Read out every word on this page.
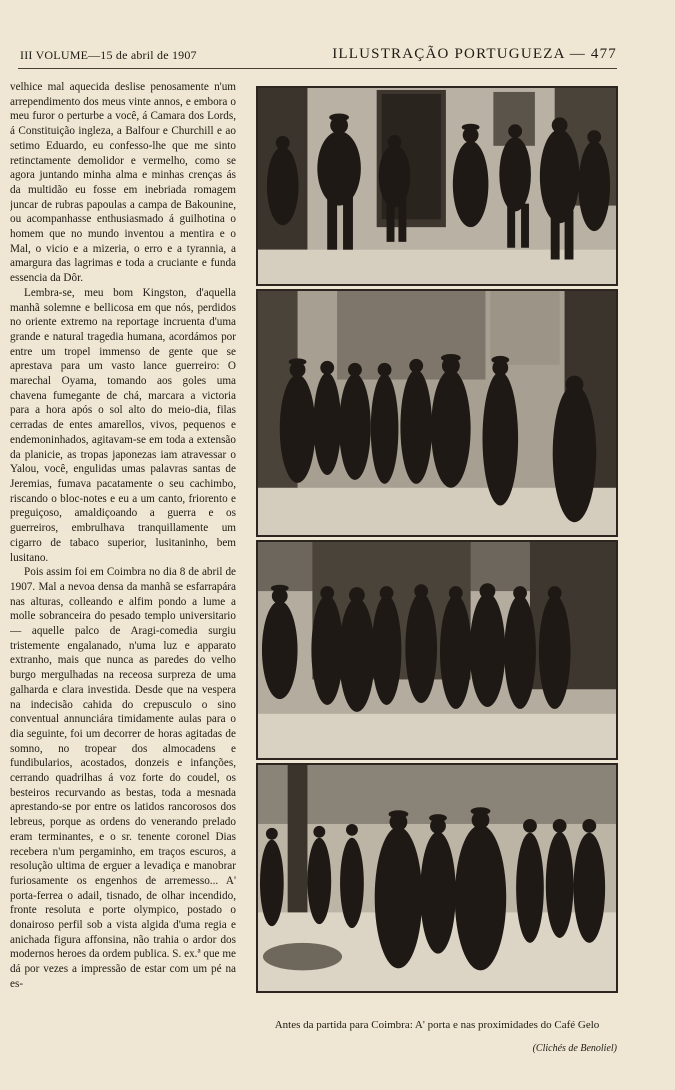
III VOLUME—15 de abril de 1907	ILLUSTRAÇÃO PORTUGUEZA — 477

velhice mal aquecida deslise penosamente n'um arrependimento dos meus vinte annos, e embora o meu furor o perturbe a você, á Camara dos Lords, á Constituição ingleza, a Balfour e Churchill e ao setimo Eduardo, eu confesso-lhe que me sinto retinctamente demolidor e vermelho, como se agora juntando minha alma e minhas crenças ás da multidão eu fosse em inebriada romagem juncar de rubras papoulas a campa de Bakounine, ou acompanhasse enthusiasmado á guilhotina o homem que no mundo inventou a mentira e o Mal, o vicio e a mizeria, o erro e a tyrannia, a amargura das lagrimas e toda a cruciante e funda essencia da Dôr.

Lembra-se, meu bom Kingston, d'aquella manhã solemne e bellicosa em que nós, perdidos no oriente extremo na reportage incruenta d'uma grande e natural tragedia humana, acordámos por entre um tropel immenso de gente que se aprestava para um vasto lance guerreiro: O marechal Oyama, tomando aos goles uma chavena fumegante de chá, marcara a victoria para a hora após o sol alto do meio-dia, filas cerradas de entes amarellos, vivos, pequenos e endemoninhados, agitavam-se em toda a extensão da planicie, as tropas japonezas iam atravessar o Yalou, você, engulidas umas palavras santas de Jeremias, fumava pacatamente o seu cachimbo, riscando o bloc-notes e eu a um canto, friorento e preguiçoso, amaldiçoando a guerra e os guerreiros, embrulhava tranquillamente um cigarro de tabaco superior, lusitaninho, bem lusitano.

Pois assim foi em Coimbra no dia 8 de abril de 1907. Mal a nevoa densa da manhã se esfarrapára nas alturas, colleando e alfim pondo a lume a molle sobranceira do pesado templo universitario — aquelle palco de Aragi-comedia surgiu tristemente engalanado, n'uma luz e apparato extranho, mais que nunca as paredes do velho burgo mergulhadas na receosa surpreza de uma galharda e clara investida. Desde que na vespera na indecisão cahida do crepusculo o sino conventual annunciára timidamente aulas para o dia seguinte, foi um decorrer de horas agitadas de somno, no tropear dos almocadens e fundibularios, acostados, donzeis e infanções, cerrando quadrilhas á voz forte do coudel, os besteiros recurvando as bestas, toda a mesnada aprestando-se por entre os latidos rancorosos dos lebreus, porque as ordens do venerando prelado eram terminantes, e o sr. tenente coronel Dias recebera n'um pergaminho, em traços escuros, a resolução ultima de erguer a levadiça e manobrar furiosamente os engenhos de arremesso... A' porta-ferrea o adail, tisnado, de olhar incendido, fronte resoluta e porte olympico, postado o donairoso perfil sob a vista algida d'uma regia e anichada figura affonsina, não trahia o ardor dos modernos heroes da ordem publica. S. ex.ª que me dá por vezes a impressão de estar com um pé na es-

Antes da partida para Coimbra: A' porta e nas proximidades do Café Gelo
(Clichés de Benoliel)
